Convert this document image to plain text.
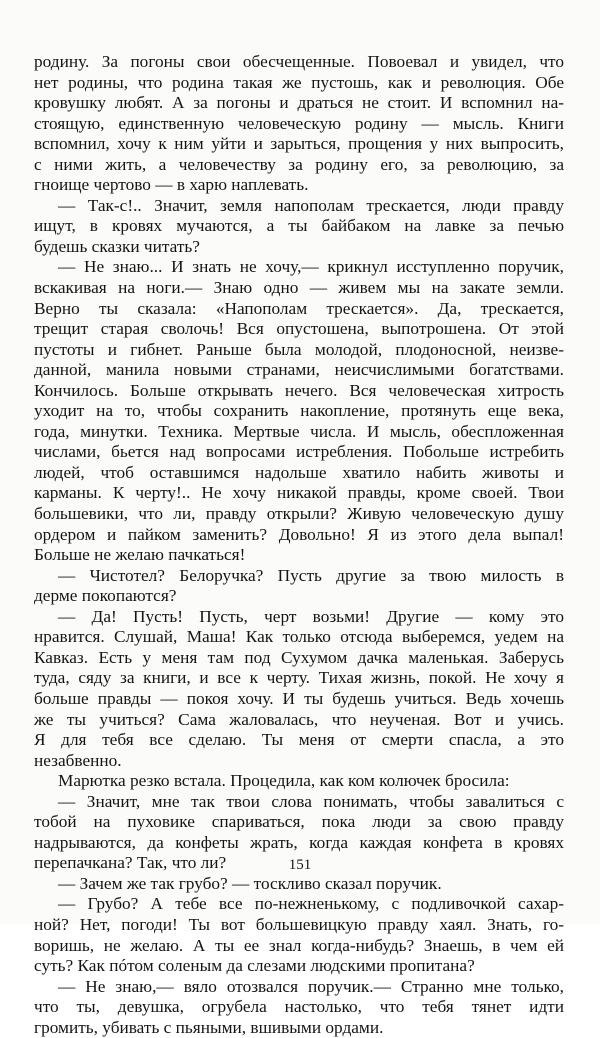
родину. За погоны свои обесчещенные. Повоевал и увидел, что
нет родины, что родина такая же пустошь, как и революция. Обе
кровушку любят. А за погоны и драться не стоит. И вспомнил на-
стоящую, единственную человеческую родину — мысль. Книги
вспомнил, хочу к ним уйти и зарыться, прощения у них выпросить,
с ними жить, а человечеству за родину его, за революцию, за
гноище чертово — в харю наплевать.
— Так-с!.. Значит, земля напополам трескается, люди правду
ищут, в кровях мучаются, а ты байбаком на лавке за печью
будешь сказки читать?
— Не знаю... И знать не хочу,— крикнул исступленно поручик,
вскакивая на ноги.— Знаю одно — живем мы на закате земли.
Верно ты сказала: «Напополам трескается». Да, трескается,
трещит старая сволочь! Вся опустошена, выпотрошена. От этой
пустоты и гибнет. Раньше была молодой, плодоносной, неизве-
данной, манила новыми странами, неисчислимыми богатствами.
Кончилось. Больше открывать нечего. Вся человеческая хитрость
уходит на то, чтобы сохранить накопление, протянуть еще века,
года, минутки. Техника. Мертвые числа. И мысль, обеспложенная
числами, бьется над вопросами истребления. Побольше истребить
людей, чтоб оставшимся надольше хватило набить животы и
карманы. К черту!.. Не хочу никакой правды, кроме своей. Твои
большевики, что ли, правду открыли? Живую человеческую душу
ордером и пайком заменить? Довольно! Я из этого дела выпал!
Больше не желаю пачкаться!
— Чистотел? Белоручка? Пусть другие за твою милость в
дерме покопаются?
— Да! Пусть! Пусть, черт возьми! Другие — кому это
нравится. Слушай, Маша! Как только отсюда выберемся, уедем на
Кавказ. Есть у меня там под Сухумом дачка маленькая. Заберусь
туда, сяду за книги, и все к черту. Тихая жизнь, покой. Не хочу я
больше правды — покоя хочу. И ты будешь учиться. Ведь хочешь
же ты учиться? Сама жаловалась, что неученая. Вот и учись.
Я для тебя все сделаю. Ты меня от смерти спасла, а это
незабвенно.
Марютка резко встала. Процедила, как ком колючек бросила:
— Значит, мне так твои слова понимать, чтобы завалиться с
тобой на пуховике спариваться, пока люди за свою правду
надрываются, да конфеты жрать, когда каждая конфета в кровях
перепачкана? Так, что ли?
— Зачем же так грубо? — тоскливо сказал поручик.
— Грубо? А тебе все по-нежненькому, с подливочкой сахар-
ной? Нет, погоди! Ты вот большевицкую правду хаял. Знать, го-
воришь, не желаю. А ты ее знал когда-нибудь? Знаешь, в чем ей
суть? Как пóтом соленым да слезами людскими пропитана?
— Не знаю,— вяло отозвался поручик.— Странно мне только,
что ты, девушка, огрубела настолько, что тебя тянет идти
громить, убивать с пьяными, вшивыми ордами.
151
